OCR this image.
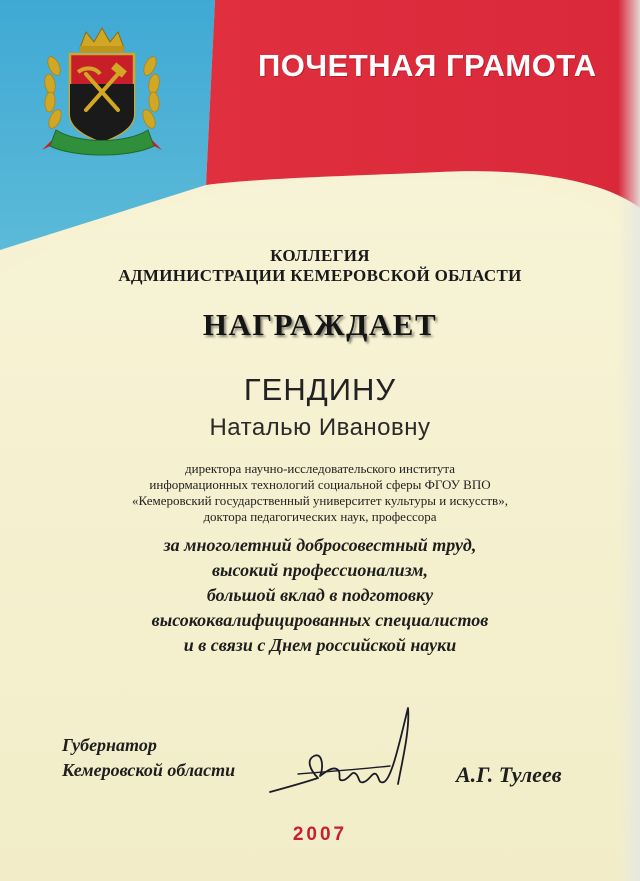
ПОЧЕТНАЯ ГРАМОТА
КОЛЛЕГИЯ
АДМИНИСТРАЦИИ КЕМЕРОВСКОЙ ОБЛАСТИ
НАГРАЖДАЕТ
ГЕНДИНУ
Наталью Ивановну
директора научно-исследовательского института
информационных технологий социальной сферы ФГОУ ВПО
«Кемеровский государственный университет культуры и искусств»,
доктора педагогических наук, профессора
за многолетний добросовестный труд,
высокий профессионализм,
большой вклад в подготовку
высококвалифицированных специалистов
и в связи с Днем российской науки
Губернатор
Кемеровской области	А.Г. Тулеев
2007
